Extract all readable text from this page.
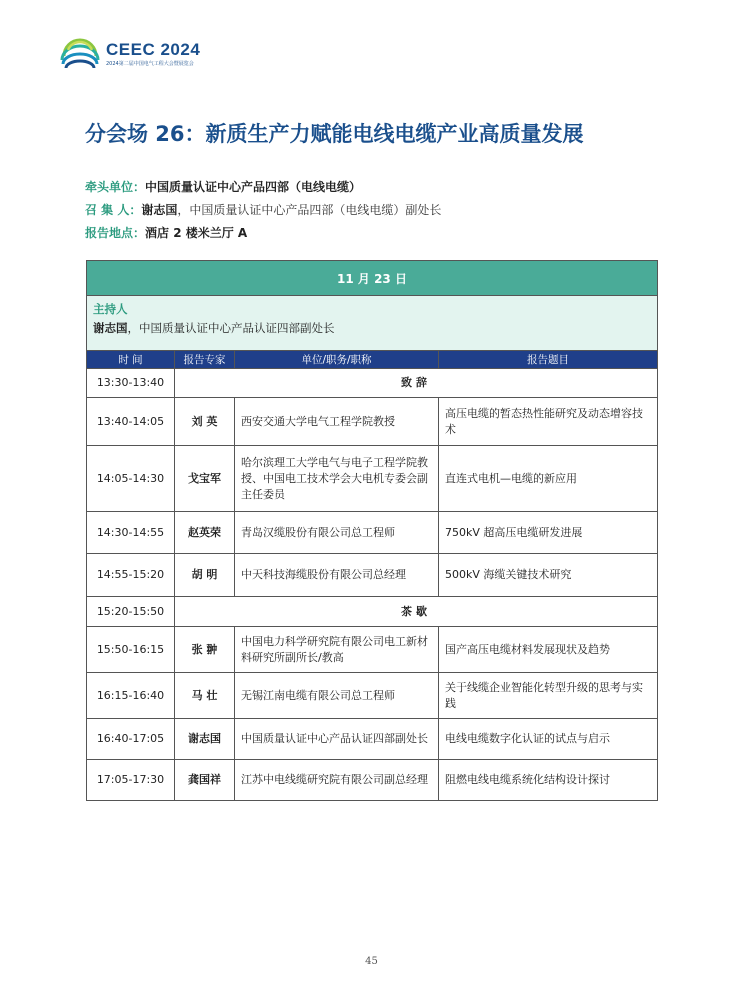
CEEC 2024
2024第二届中国电气工程大会暨展览会
分会场 26：新质生产力赋能电线电缆产业高质量发展
牵头单位：中国质量认证中心产品四部（电线电缆）
召 集 人：谢志国，中国质量认证中心产品四部（电线电缆）副处长
报告地点：酒店 2 楼米兰厅 A
11 月 23 日			

主持人
谢志国，中国质量认证中心产品认证四部副处长			

时 间	报告专家	单位/职务/职称	报告题目
13:30-13:40	致辞		
13:40-14:05	刘 英	西安交通大学电气工程学院教授	高压电缆的暂态热性能研究及动态增容技术
14:05-14:30	戈宝军	哈尔滨理工大学电气与电子工程学院教授、中国电工技术学会大电机专委会副主任委员	直连式电机—电缆的新应用
14:30-14:55	赵英荣	青岛汉缆股份有限公司总工程师	750kV 超高压电缆研发进展
14:55-15:20	胡 明	中天科技海缆股份有限公司总经理	500kV 海缆关键技术研究
15:20-15:50	茶歇		
15:50-16:15	张 翀	中国电力科学研究院有限公司电工新材料研究所副所长/教高	国产高压电缆材料发展现状及趋势
16:15-16:40	马 壮	无锡江南电缆有限公司总工程师	关于线缆企业智能化转型升级的思考与实践
16:40-17:05	谢志国	中国质量认证中心产品认证四部副处长	电线电缆数字化认证的试点与启示
17:05-17:30	龚国祥	江苏中电线缆研究院有限公司副总经理	阻燃电线电缆系统化结构设计探讨
45
